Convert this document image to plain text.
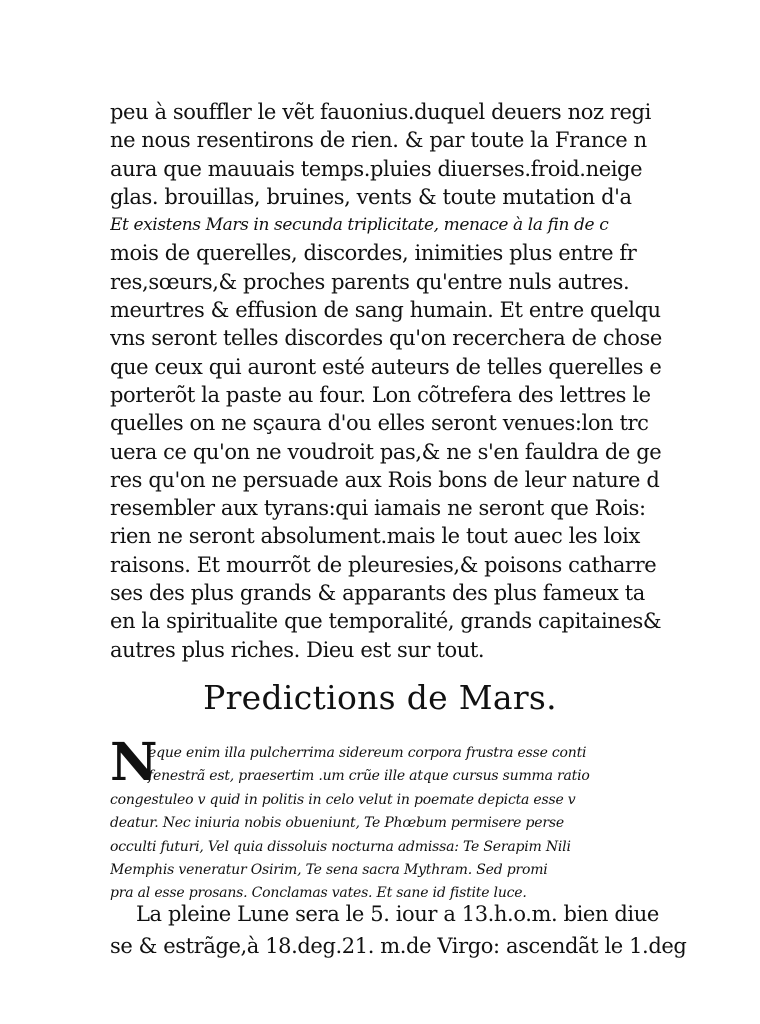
peu à souffler le vẽt fauonius.duquel deuers noz regi
ne nous resentirons de rien. & par toute la France n
aura que mauuais temps.pluies diuerses.froid.neige
glas. brouillas, bruines, vents & toute mutation d'a
Et existens Mars in secunda triplicitate, menace à la fin de c
mois de querelles, discordes, inimities plus entre fr
res,sœurs,& proches parents qu'entre nuls autres.
meurtres & effusion de sang humain. Et entre quelqu
vns seront telles discordes qu'on recerchera de chose
que ceux qui auront esté auteurs de telles querelles e
porterõt la paste au four. Lon cõtrefera des lettres le
quelles on ne sçaura d'ou elles seront venues:lon trc
uera ce qu'on ne voudroit pas,& ne s'en fauldra de ge
res qu'on ne persuade aux Rois bons de leur nature d
resembler aux tyrans:qui iamais ne seront que Rois:
rien ne seront absolument.mais le tout auec les loix
raisons. Et mourrõt de pleuresies,& poisons catharre
ses des plus grands & apparants des plus fameux ta
en la spiritualite que temporalité, grands capitaines&
autres plus riches. Dieu est sur tout.
Predictions de Mars.
N
eque enim illa pulcherrima sidereum corpora frustra esse conti
fenestrã est, praesertim .um crũe ille atque cursus summa ratio
congestuleo v quid in politis in celo velut in poemate depicta esse v
deatur. Nec iniuria nobis obueniunt, Te Phœbum permisere perse
occulti futuri, Vel quia dissoluis nocturna admissa: Te Serapim Nili
Memphis veneratur Osirim, Te sena sacra Mythram. Sed promi
pra al esse prosans. Conclamas vates. Et sane id fistite luce.
La pleine Lune sera le 5. iour a 13.h.o.m. bien diue
se & estrãge,à 18.deg.21. m.de Virgo: ascendãt le 1.deg
